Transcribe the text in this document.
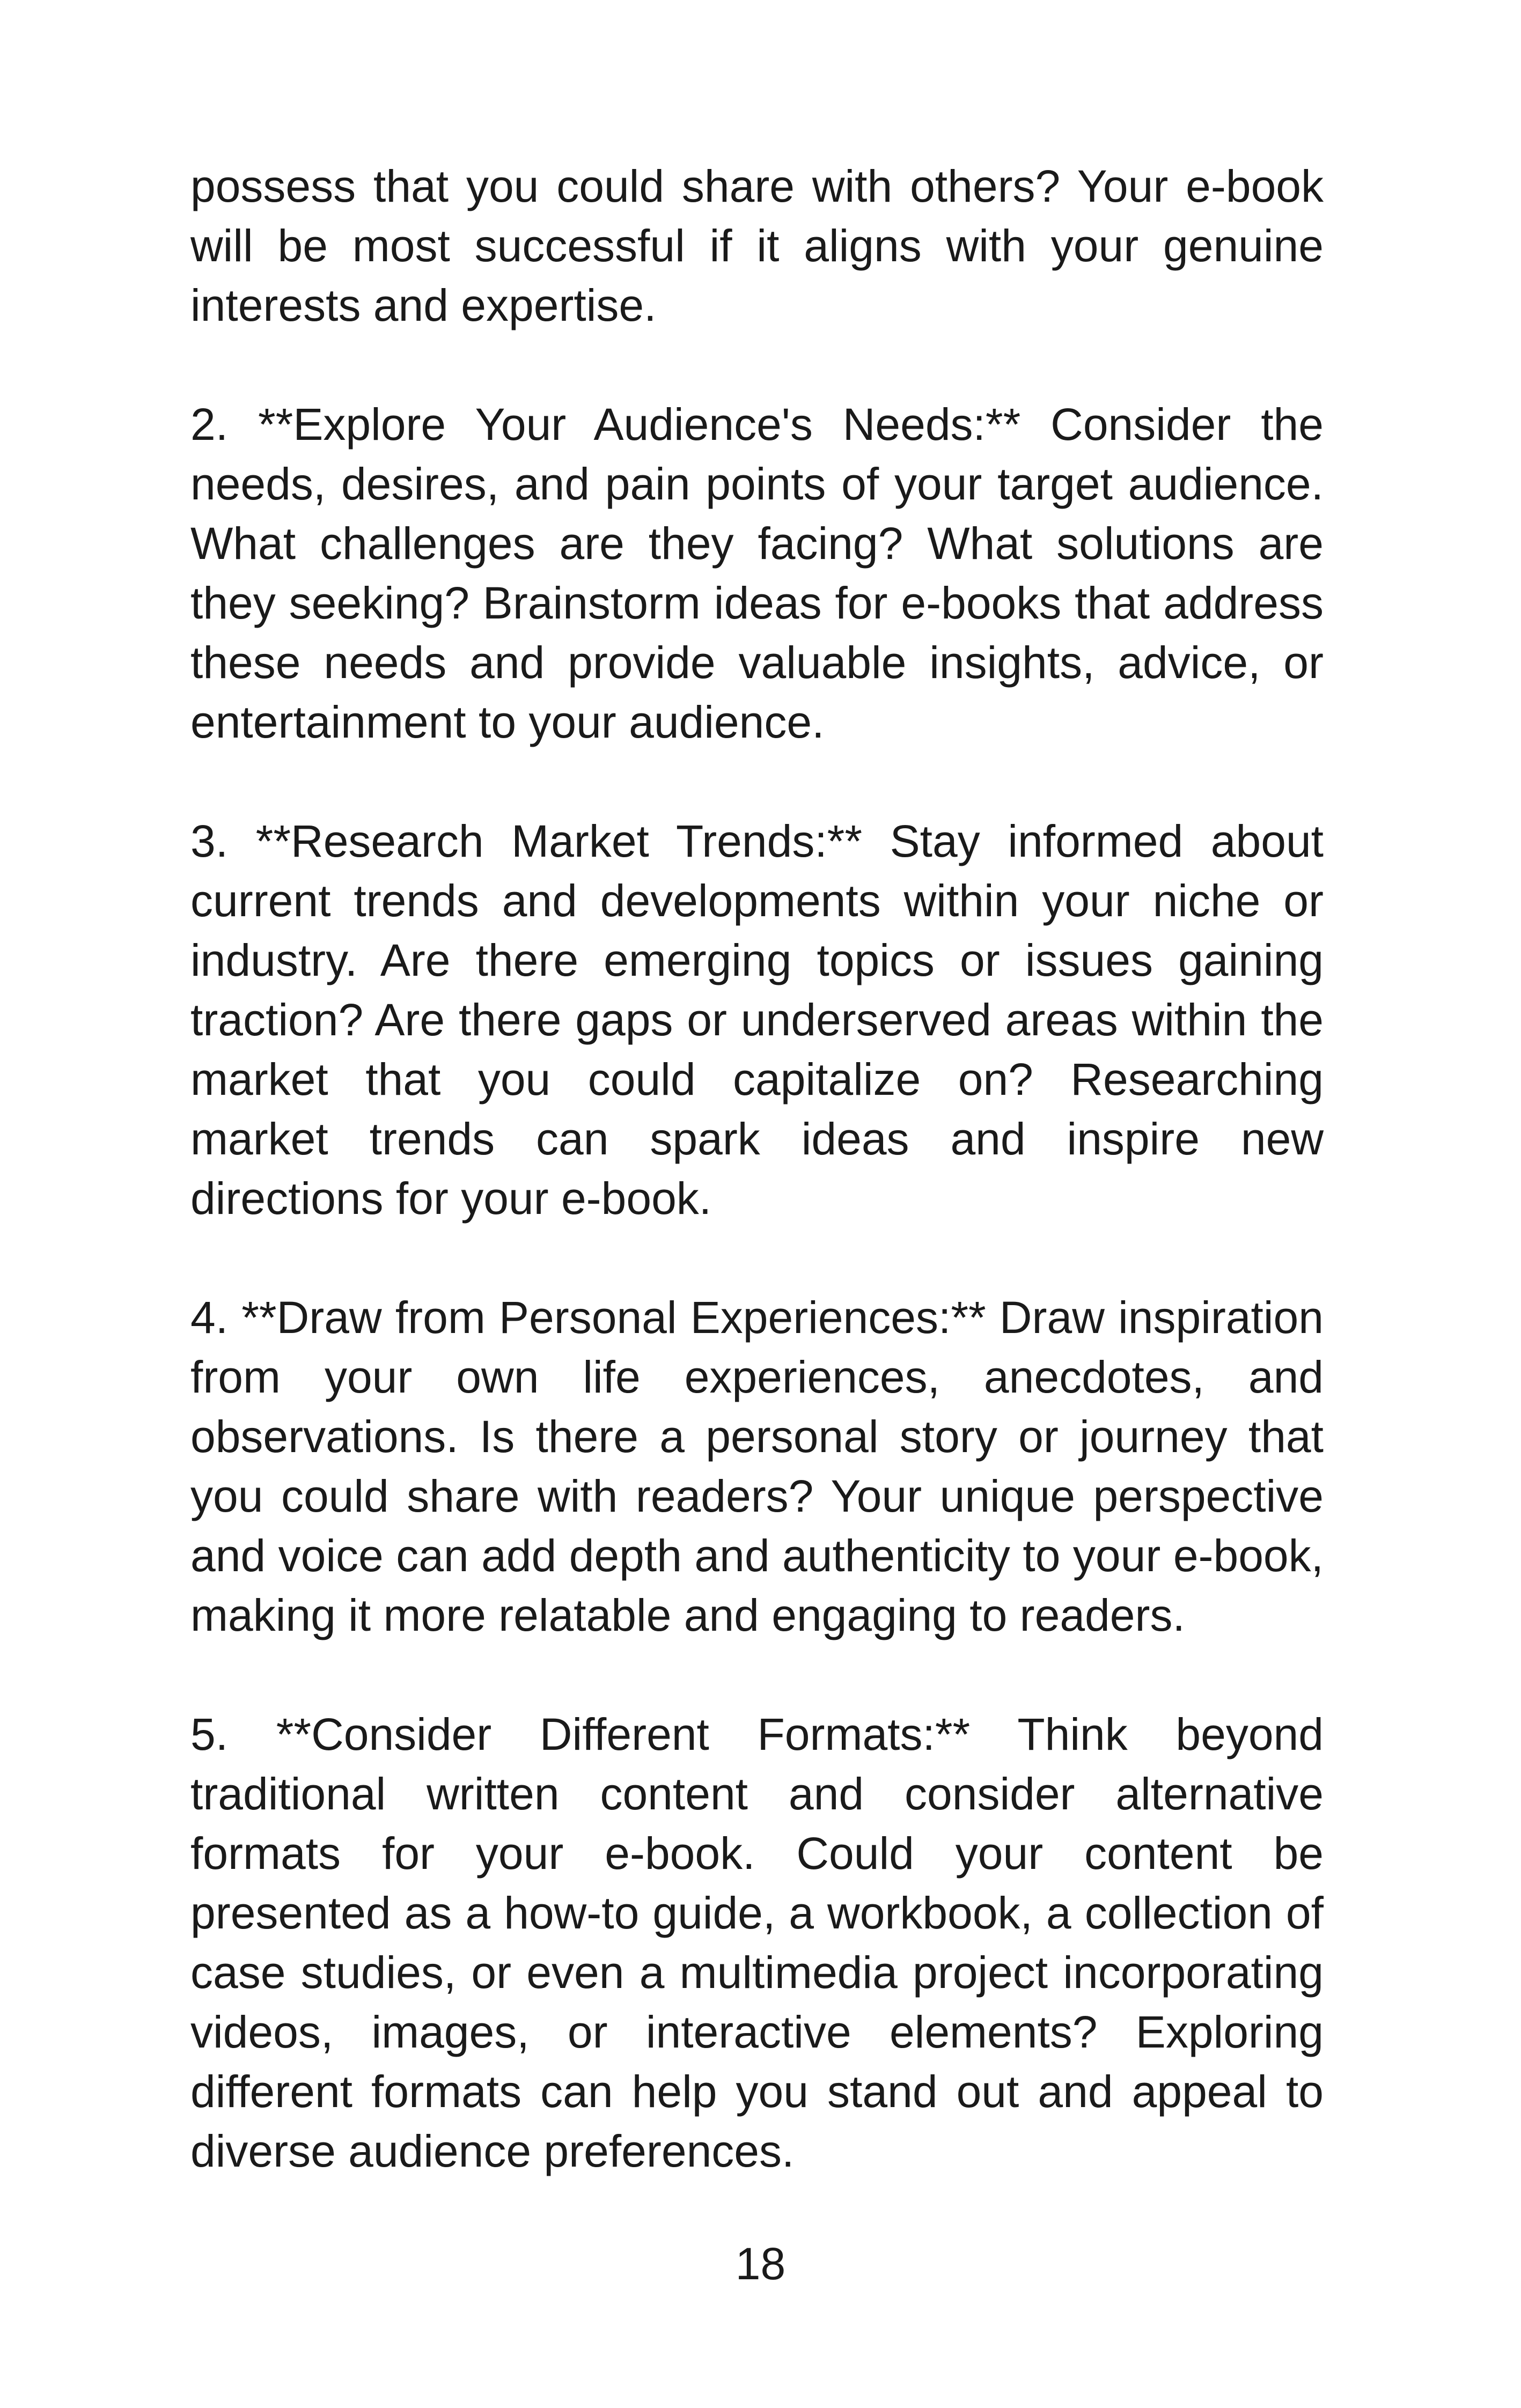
possess that you could share with others? Your e-book will be most successful if it aligns with your genuine interests and expertise.

2. **Explore Your Audience's Needs:** Consider the needs, desires, and pain points of your target audience. What challenges are they facing? What solutions are they seeking? Brainstorm ideas for e-books that address these needs and provide valuable insights, advice, or entertainment to your audience.

3. **Research Market Trends:** Stay informed about current trends and developments within your niche or industry. Are there emerging topics or issues gaining traction? Are there gaps or underserved areas within the market that you could capitalize on? Researching market trends can spark ideas and inspire new directions for your e-book.

4. **Draw from Personal Experiences:** Draw inspiration from your own life experiences, anecdotes, and observations. Is there a personal story or journey that you could share with readers? Your unique perspective and voice can add depth and authenticity to your e-book, making it more relatable and engaging to readers.

5. **Consider Different Formats:** Think beyond traditional written content and consider alternative formats for your e-book. Could your content be presented as a how-to guide, a workbook, a collection of case studies, or even a multimedia project incorporating videos, images, or interactive elements? Exploring different formats can help you stand out and appeal to diverse audience preferences.

18
